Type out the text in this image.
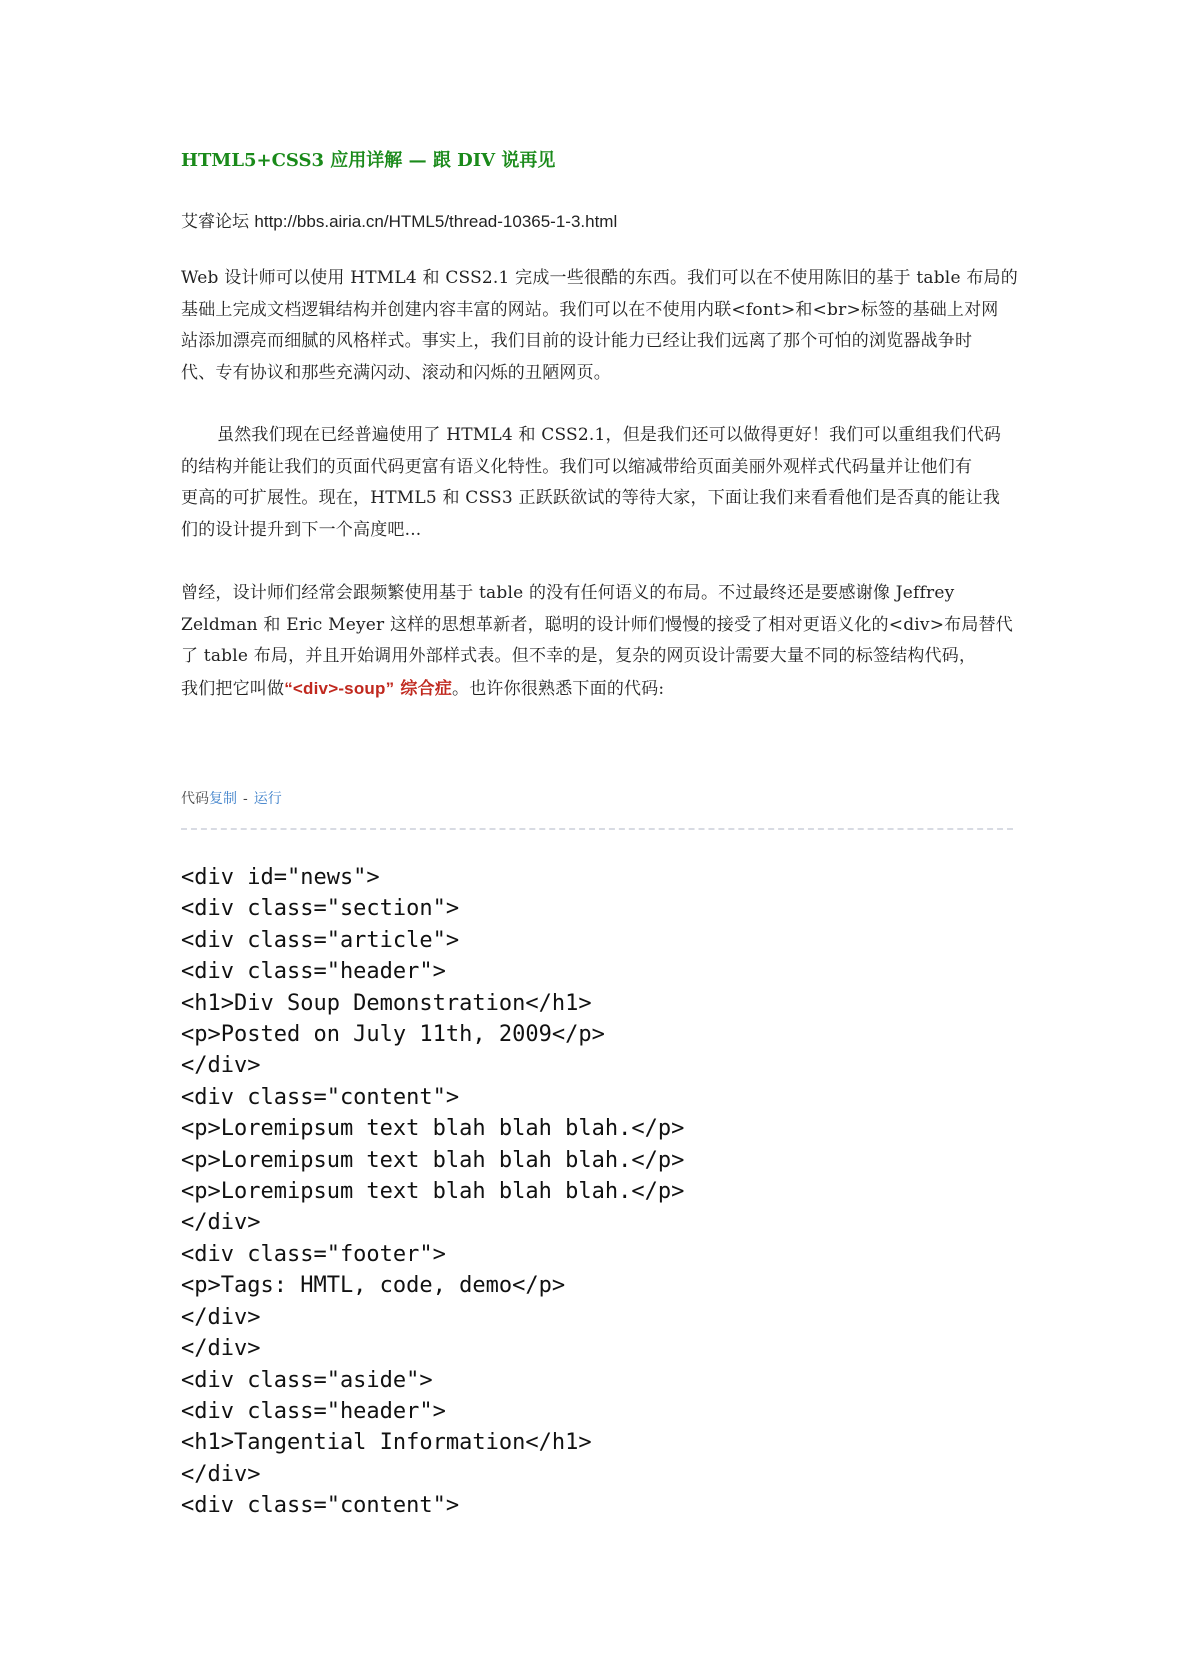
HTML5+CSS3 应用详解 — 跟 DIV 说再见
艾睿论坛 http://bbs.airia.cn/HTML5/thread-10365-1-3.html

Web 设计师可以使用 HTML4 和 CSS2.1 完成一些很酷的东西。我们可以在不使用陈旧的基于 table 布局的
基础上完成文档逻辑结构并创建内容丰富的网站。我们可以在不使用内联<font>和<br>标签的基础上对网
站添加漂亮而细腻的风格样式。事实上，我们目前的设计能力已经让我们远离了那个可怕的浏览器战争时
代、专有协议和那些充满闪动、滚动和闪烁的丑陋网页。

虽然我们现在已经普遍使用了 HTML4 和 CSS2.1，但是我们还可以做得更好！我们可以重组我们代码
的结构并能让我们的页面代码更富有语义化特性。我们可以缩减带给页面美丽外观样式代码量并让他们有
更高的可扩展性。现在，HTML5 和 CSS3 正跃跃欲试的等待大家，下面让我们来看看他们是否真的能让我
们的设计提升到下一个高度吧...

曾经，设计师们经常会跟频繁使用基于 table 的没有任何语义的布局。不过最终还是要感谢像 Jeffrey
Zeldman 和 Eric Meyer 这样的思想革新者，聪明的设计师们慢慢的接受了相对更语义化的<div>布局替代
了 table 布局，并且开始调用外部样式表。但不幸的是，复杂的网页设计需要大量不同的标签结构代码，
我们把它叫做“<div>-soup” 综合症。也许你很熟悉下面的代码:

代码复制 - 运行
<div id="news">
<div class="section">
<div class="article">
<div class="header">
<h1>Div Soup Demonstration</h1>
<p>Posted on July 11th, 2009</p>
</div>
<div class="content">
<p>Loremipsum text blah blah blah.</p>
<p>Loremipsum text blah blah blah.</p>
<p>Loremipsum text blah blah blah.</p>
</div>
<div class="footer">
<p>Tags: HMTL, code, demo</p>
</div>
</div>
<div class="aside">
<div class="header">
<h1>Tangential Information</h1>
</div>
<div class="content">
